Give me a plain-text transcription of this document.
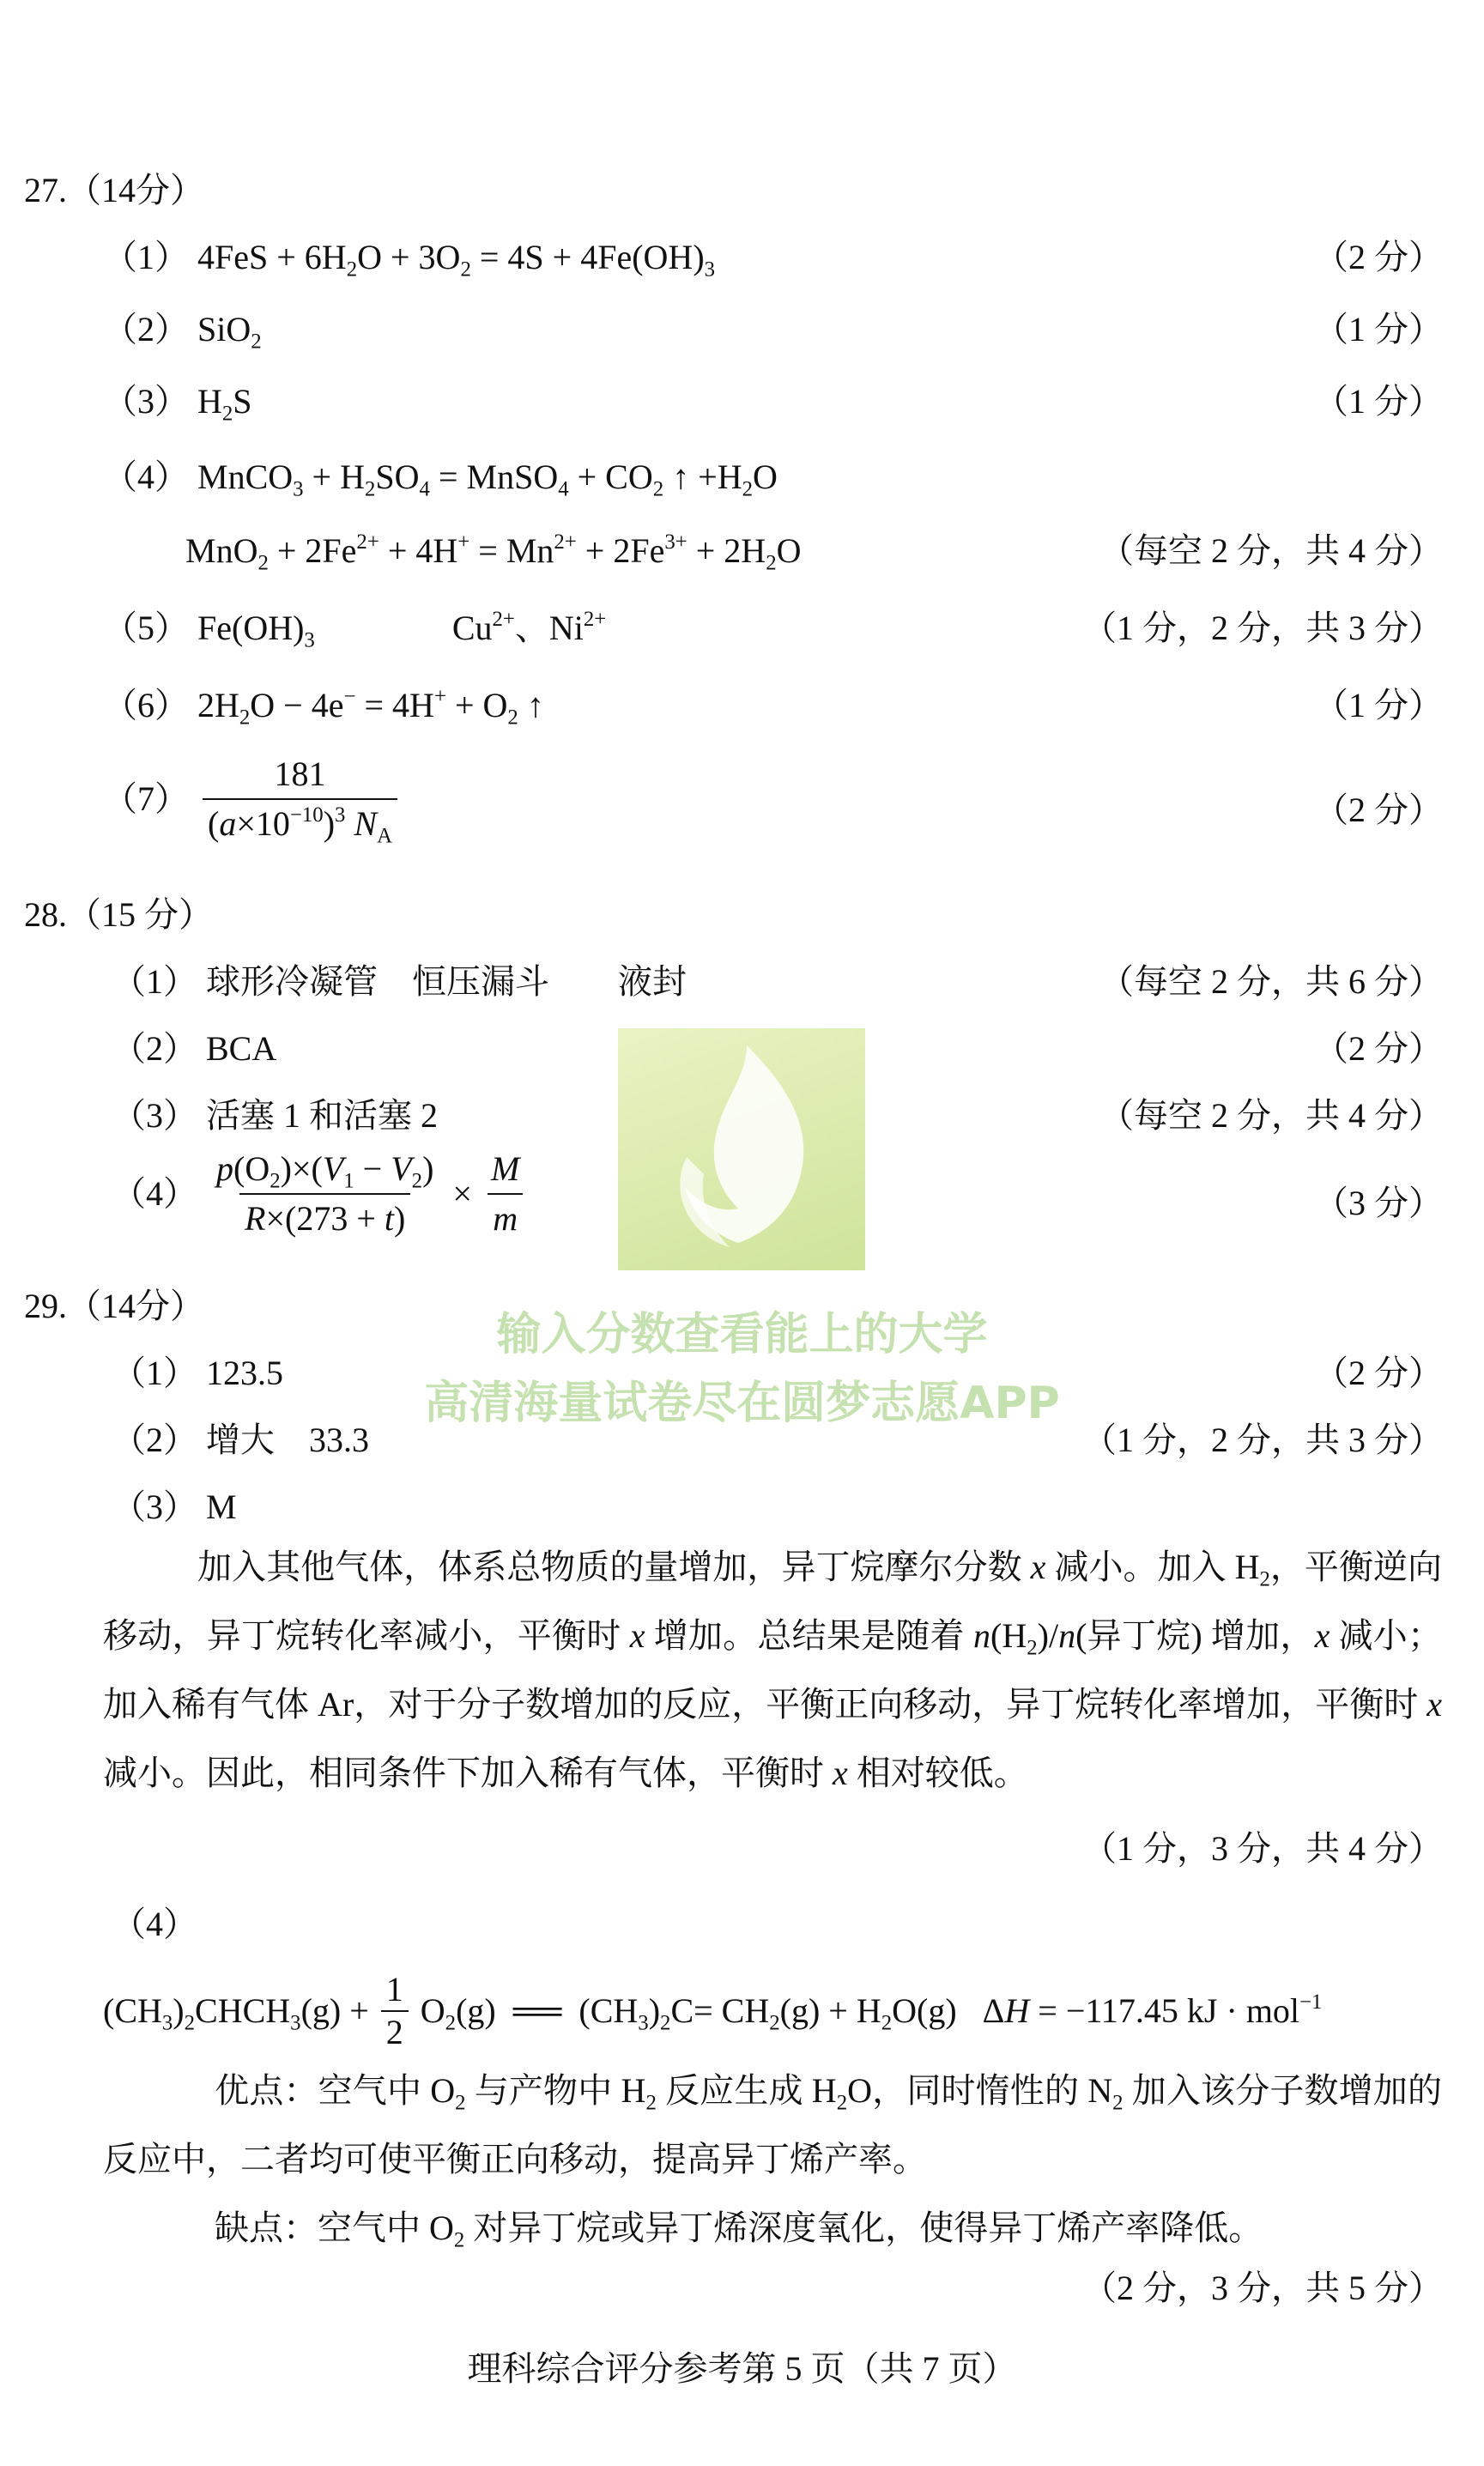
27.（14分）
（1） $4FeS + 6H_2O + 3O_2 = 4S + 4Fe(OH)_3$	（2 分）
（2） SiO$_2$	（1 分）
（3） $H_2S$	（1 分）
（4） MnCO$_3$ + $H_2SO_4$ = MnSO$_4$ + $CO_2$ ↑ $+H_2O$
$MnO_2 + 2Fe^{2+} + 4H^+ = Mn^{2+} + 2Fe^{3+} + 2H_2O$	（每空 2 分，共 4 分）
（5） $Fe(OH)_3$	$Cu^{2+}$、$Ni^{2+}$	（1 分，2 分，共 3 分）
（6） $2H_2O - 4e^- = 4H^+ + O_2$ ↑	（1 分）
$(7) \frac{181}{(a\times 10^{-10})^3 N_A}$	（2 分）
28.（15 分）
（1） 球形冷凝管　恒压漏斗　　液封	（每空 2 分，共 6 分）
（2） BCA	（2 分）
（3） 活塞 1 和活塞 2	（每空 2 分，共 4 分）
$(4) \frac{p(O_2)\times(V_1 - V_2)}{R\times(273 + t)} \times \frac{M}{m}$	（3 分）
输入分数查看能上的大学
高清海量试卷尽在圆梦志愿APP
29.（14分）
（1） 123.5	（2 分）
（2） 增大　33.3	（1 分，2 分，共 3 分）
（3） M
加入其他气体，体系总物质的量增加，异丁烷摩尔分数 x 减小。加入 $H_2$，平衡逆向移动，异丁烷转化率减小，平衡时 x 增加。总结果是随着 $n(H_2)/n$(异丁烷) 增加，x 减小；加入稀有气体 Ar，对于分子数增加的反应，平衡正向移动，异丁烷转化率增加，平衡时 x 减小。因此，相同条件下加入稀有气体，平衡时 x 相对较低。
（1 分，3 分，共 4 分）
（4）
$(CH_3)_2CHCH_3(g) + \frac{1}{2} O_2(g)$  ══  $(CH_3)_2C= CH_2(g) + H_2O(g) \Delta H = -117.45$ kJ · mol$^{-1}$
优点：空气中 $O_2$ 与产物中 $H_2$ 反应生成 $H_2O$，同时惰性的 $N_2$ 加入该分子数增加的反应中，二者均可使平衡正向移动，提高异丁烯产率。
缺点：空气中 $O_2$ 对异丁烷或异丁烯深度氧化，使得异丁烯产率降低。
（2 分，3 分，共 5 分）
理科综合评分参考第 5 页（共 7 页）
